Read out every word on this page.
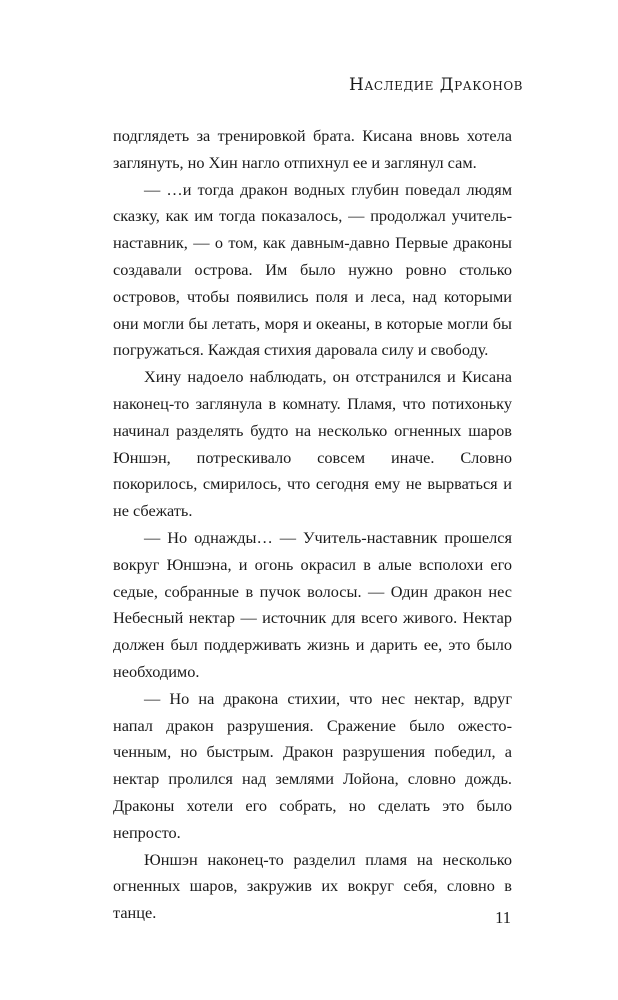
Наследие Драконов

подглядеть за тренировкой брата. Кисана вновь хотела заглянуть, но Хин нагло отпихнул ее и заглянул сам.

— …и тогда дракон водных глубин поведал людям сказку, как им тогда показалось, — продолжал учитель-наставник, — о том, как давным-давно Первые драконы создавали острова. Им было нужно ровно столько островов, чтобы появились поля и леса, над которыми они могли бы летать, моря и океаны, в которые могли бы погружаться. Каждая стихия даровала силу и свободу.

Хину надоело наблюдать, он отстранился и Кисана наконец-то заглянула в комнату. Пламя, что потихоньку начинал разделять будто на несколько огненных шаров Юншэн, потрескивало совсем иначе. Словно покорилось, смирилось, что сегодня ему не вырваться и не сбежать.

— Но однажды… — Учитель-наставник прошелся вокруг Юншэна, и огонь окрасил в алые всполохи его седые, собранные в пучок волосы. — Один дракон нес Небесный нектар — источник для всего живого. Нектар должен был поддерживать жизнь и дарить ее, это было необходимо.

— Но на дракона стихии, что нес нектар, вдруг напал дракон разрушения. Сражение было ожесточенным, но быстрым. Дракон разрушения победил, а нектар пролился над землями Лойона, словно дождь. Драконы хотели его собрать, но сделать это было непросто.

Юншэн наконец-то разделил пламя на несколько огненных шаров, закружив их вокруг себя, словно в танце.	11
